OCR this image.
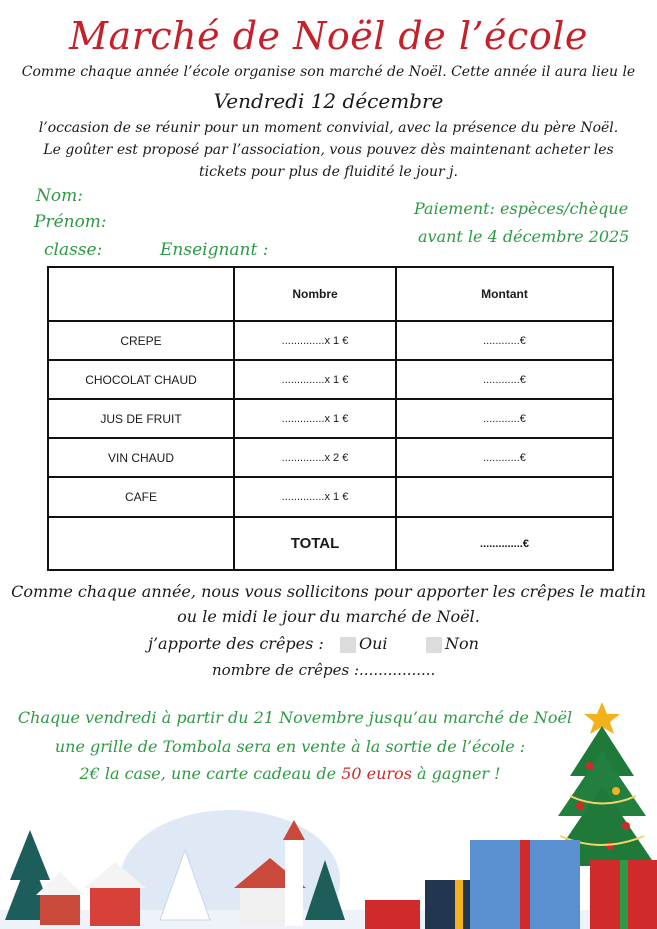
Marché de Noël de l’école
Comme chaque année l’école organise son marché de Noël. Cette année il aura lieu le
Vendredi 12 décembre
l’occasion de se réunir pour un moment convivial, avec la présence du père Noël.
Le goûter est proposé par l’association, vous pouvez dès maintenant acheter les
tickets pour plus de fluidité le jour j.
Nom:
Prénom:
classe:	Enseignant :
Paiement: espèces/chèque
avant le 4 décembre 2025
	Nombre	Montant
CREPE	..............x 1 €	............€
CHOCOLAT CHAUD	..............x 1 €	............€
JUS DE FRUIT	..............x 1 €	............€
VIN CHAUD	..............x 2 €	............€
CAFE	..............x 1 €	
	TOTAL	..............€
Comme chaque année, nous vous sollicitons pour apporter les crêpes le matin
ou le midi le jour du marché de Noël.
j’apporte des crêpes :	Oui	Non
nombre de crêpes :................
Chaque vendredi à partir du 21 Novembre jusqu’au marché de Noël
une grille de Tombola sera en vente à la sortie de l’école :
2€ la case, une carte cadeau de 50 euros à gagner !
